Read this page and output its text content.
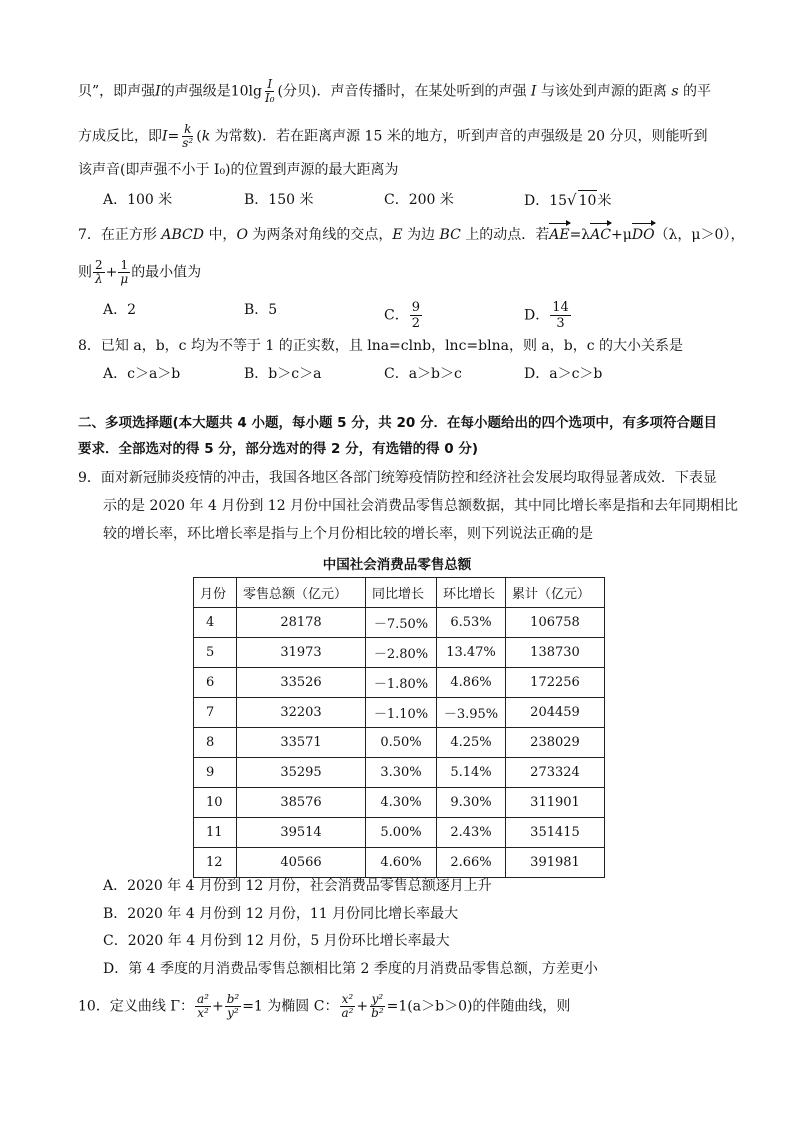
贝”，即声强I的声强级是$10\lg \frac{I}{\text{I₀}}$ (分贝)．声音传播时，在某处听到的声强 I 与该处到声源的距离 s 的平
方成反比，即$I= \frac{k}{\text{s²}} (k$ 为常数)．若在距离声源 15 米的地方，听到声音的声强级是 20 分贝，则能听到
该声音(即声强不小于 I₀)的位置到声源的最大距离为
A．100 米	B．150 米	C．200 米	D．15√ 10米
7．在正方形 ABCD 中，O 为两条对角线的交点，E 为边 BC 上的动点．若AE=λAC+μDO（λ，μ＞0），
则 $\frac{2}{\lambda} + \frac{1}{\mu}$ 的最小值为
A．2	B．5	C． $\frac{9}{2}$	D． $\frac{14}{3}$
8．已知 a，b，c 均为不等于 1 的正实数，且 lna=clnb，lnc=blna，则 a，b，c 的大小关系是
A．c＞a＞b	B．b＞c＞a	C．a＞b＞c	D．a＞c＞b
二、多项选择题(本大题共 4 小题，每小题 5 分，共 20 分．在每小题给出的四个选项中，有多项符合题目要求．全部选对的得 5 分，部分选对的得 2 分，有选错的得 0 分)
9．面对新冠肺炎疫情的冲击，我国各地区各部门统筹疫情防控和经济社会发展均取得显著成效．下表显
示的是 2020 年 4 月份到 12 月份中国社会消费品零售总额数据，其中同比增长率是指和去年同期相比
较的增长率，环比增长率是指与上个月份相比较的增长率，则下列说法正确的是
中国社会消费品零售总额
月份	零售总额（亿元）	同比增长	环比增长	累计（亿元）
4	28178	－7.50%	6.53%	106758
5	31973	－2.80%	13.47%	138730
6	33526	－1.80%	4.86%	172256
7	32203	－1.10%	－3.95%	204459
8	33571	0.50%	4.25%	238029
9	35295	3.30%	5.14%	273324
10	38576	4.30%	9.30%	311901
11	39514	5.00%	2.43%	351415
12	40566	4.60%	2.66%	391981
A．2020 年 4 月份到 12 月份，社会消费品零售总额逐月上升
B．2020 年 4 月份到 12 月份，11 月份同比增长率最大
C．2020 年 4 月份到 12 月份，5 月份环比增长率最大
D．第 4 季度的月消费品零售总额相比第 2 季度的月消费品零售总额，方差更小
10．定义曲线 Γ： $\frac{\text{a²}}{\text{x²}} + \frac{\text{b²}}{\text{y²}} =1$ 为椭圆 C： $\frac{\text{x²}}{\text{a²}} + \frac{\text{y²}}{\text{b²}} =1(a>b>0)$的伴随曲线，则
